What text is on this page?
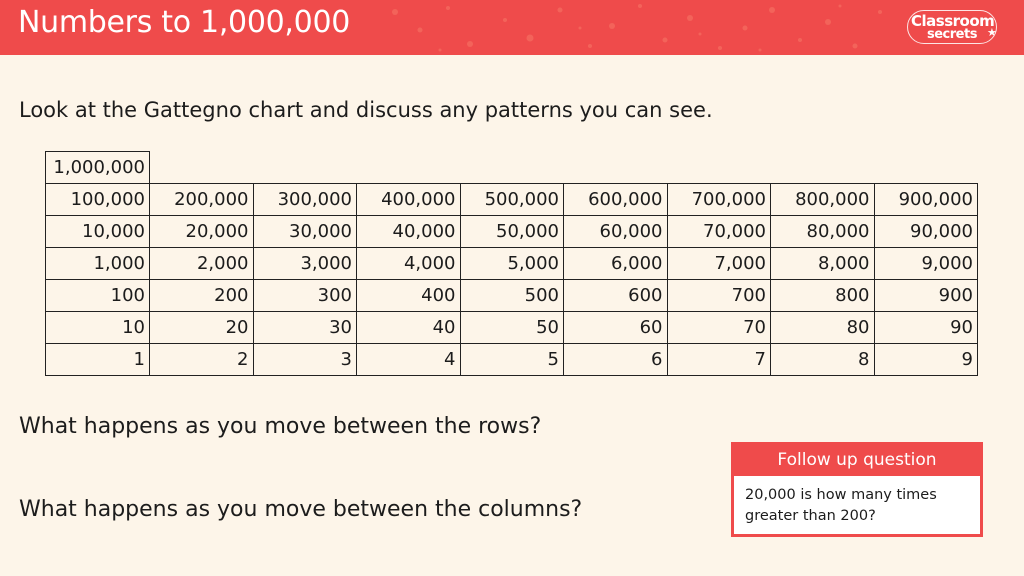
Numbers to 1,000,000	Classroom
secrets ★
Look at the Gattegno chart and discuss any patterns you can see.
1,000,000								
100,000	200,000	300,000	400,000	500,000	600,000	700,000	800,000	900,000
10,000	20,000	30,000	40,000	50,000	60,000	70,000	80,000	90,000
1,000	2,000	3,000	4,000	5,000	6,000	7,000	8,000	9,000
100	200	300	400	500	600	700	800	900
10	20	30	40	50	60	70	80	90
1	2	3	4	5	6	7	8	9
What happens as you move between the rows?
What happens as you move between the columns?
Follow up question
20,000 is how many times greater than 200?
